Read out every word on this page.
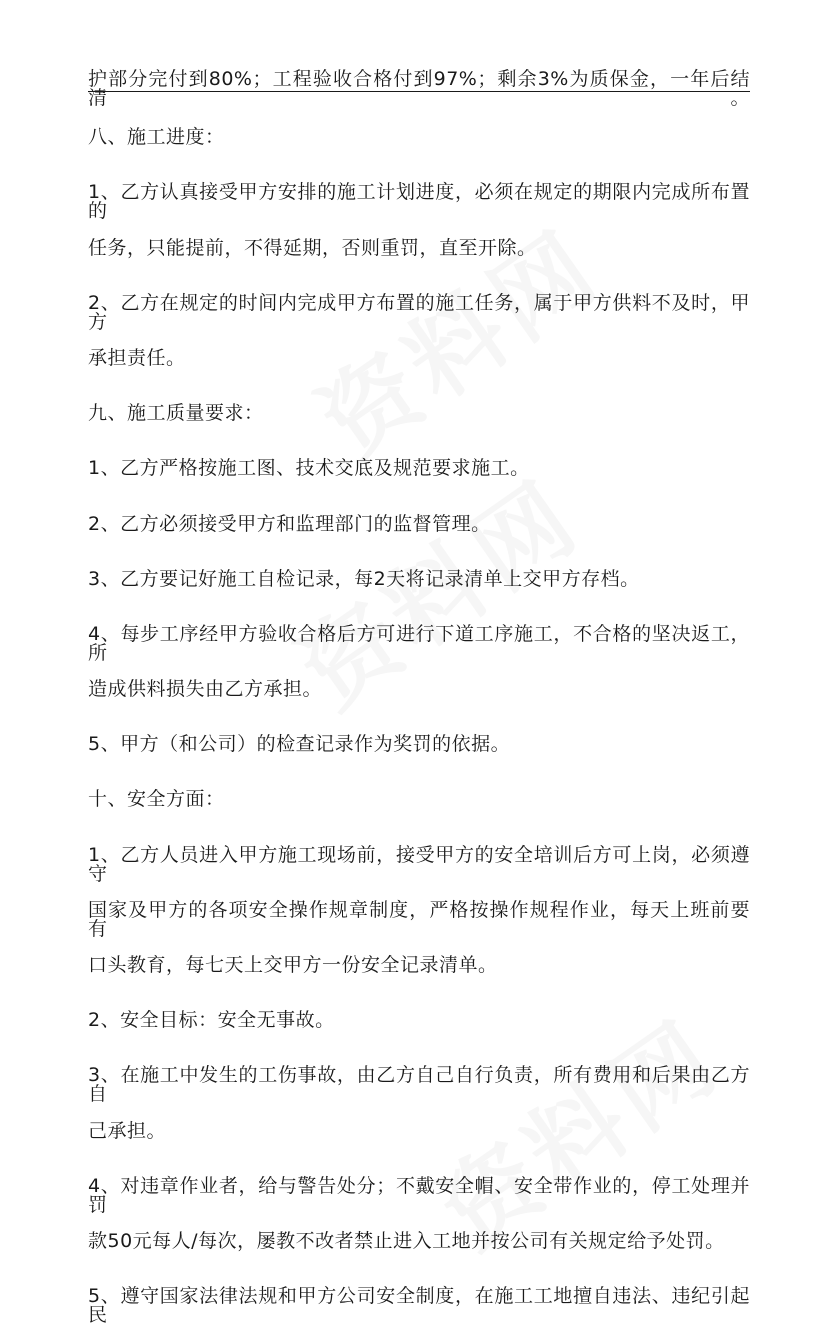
护部分完付到80%；工程验收合格付到97%；剩余3%为质保金，一年后结清。

八、施工进度：

1、乙方认真接受甲方安排的施工计划进度，必须在规定的期限内完成所布置的

任务，只能提前，不得延期，否则重罚，直至开除。

2、乙方在规定的时间内完成甲方布置的施工任务，属于甲方供料不及时，甲方

承担责任。

九、施工质量要求：

1、乙方严格按施工图、技术交底及规范要求施工。

2、乙方必须接受甲方和监理部门的监督管理。

3、乙方要记好施工自检记录，每2天将记录清单上交甲方存档。

4、每步工序经甲方验收合格后方可进行下道工序施工，不合格的坚决返工，所

造成供料损失由乙方承担。

5、甲方（和公司）的检查记录作为奖罚的依据。

十、安全方面：

1、乙方人员进入甲方施工现场前，接受甲方的安全培训后方可上岗，必须遵守

国家及甲方的各项安全操作规章制度，严格按操作规程作业，每天上班前要有

口头教育，每七天上交甲方一份安全记录清单。

2、安全目标：安全无事故。

3、在施工中发生的工伤事故，由乙方自己自行负责，所有费用和后果由乙方自

己承担。

4、对违章作业者，给与警告处分；不戴安全帽、安全带作业的，停工处理并罚

款50元每人/每次，屡教不改者禁止进入工地并按公司有关规定给予处罚。

5、遵守国家法律法规和甲方公司安全制度，在施工工地擅自违法、违纪引起民
